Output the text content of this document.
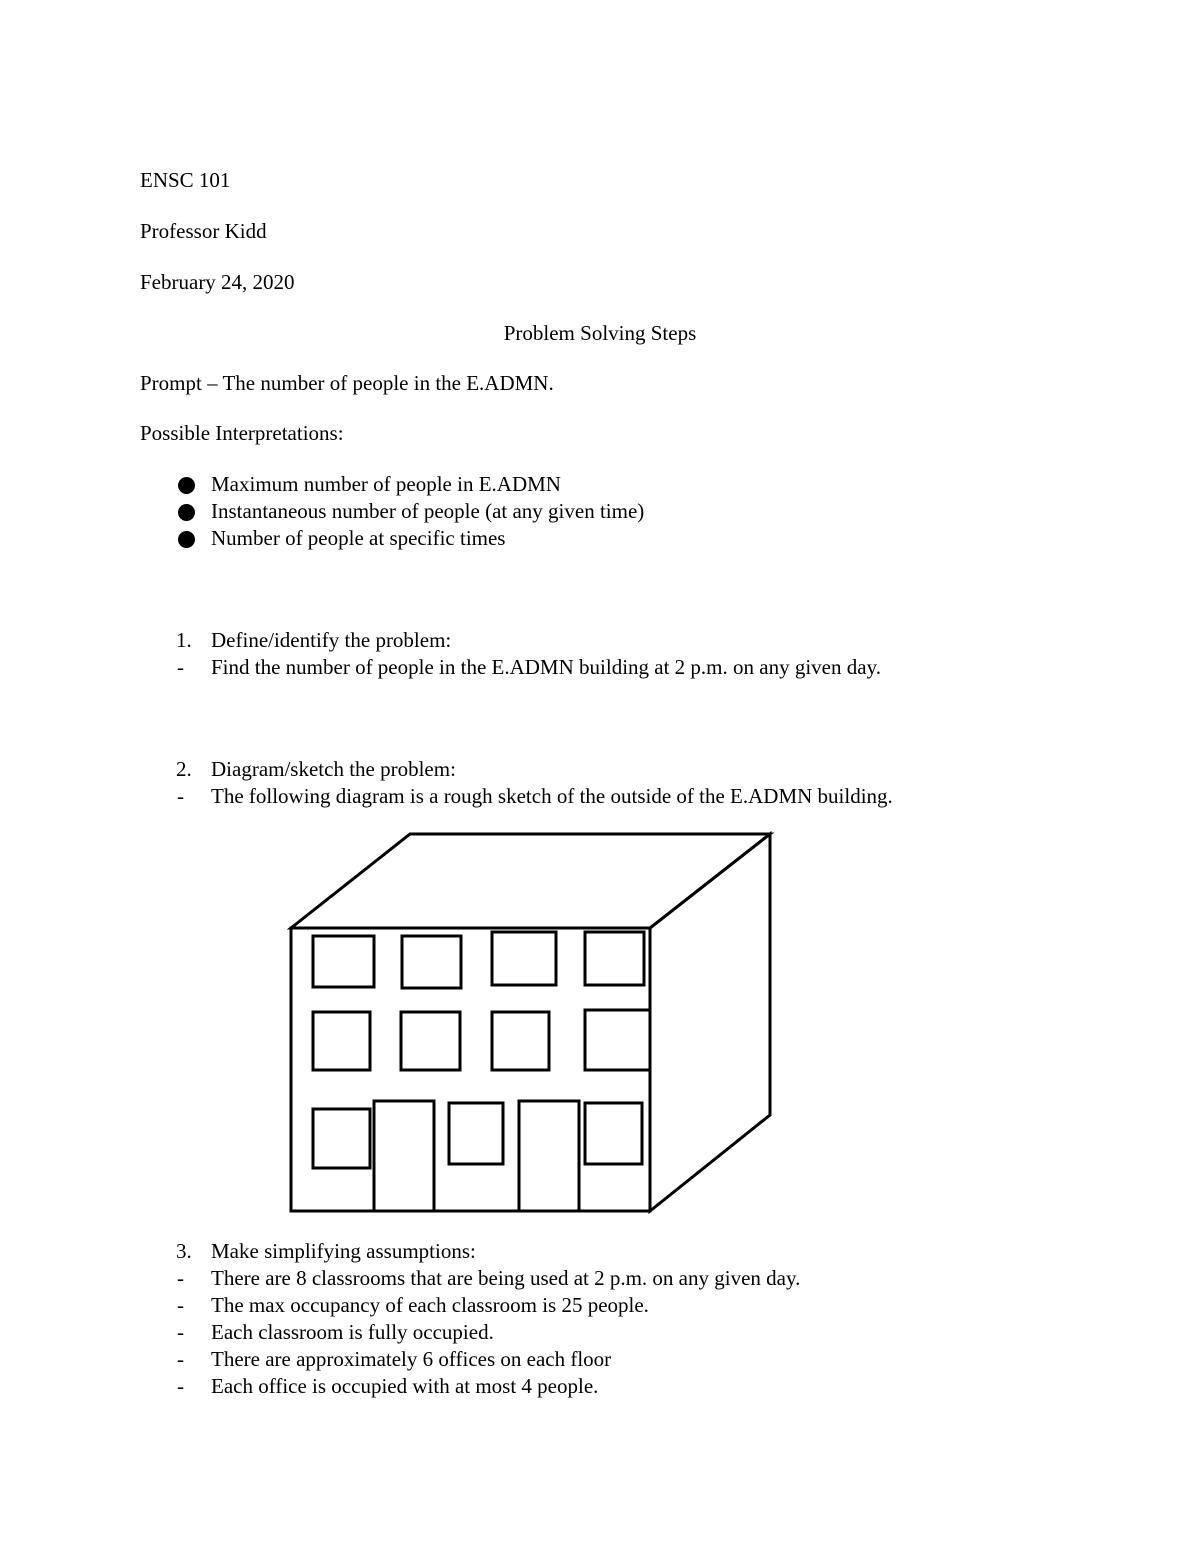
ENSC 101
Professor Kidd
February 24, 2020
Problem Solving Steps
Prompt – The number of people in the E.ADMN.
Possible Interpretations:
Maximum number of people in E.ADMN
Instantaneous number of people (at any given time)
Number of people at specific times
1. Define/identify the problem:
- Find the number of people in the E.ADMN building at 2 p.m. on any given day.
2. Diagram/sketch the problem:
- The following diagram is a rough sketch of the outside of the E.ADMN building.
3. Make simplifying assumptions:
- There are 8 classrooms that are being used at 2 p.m. on any given day.
- The max occupancy of each classroom is 25 people.
- Each classroom is fully occupied.
- There are approximately 6 offices on each floor
- Each office is occupied with at most 4 people.
